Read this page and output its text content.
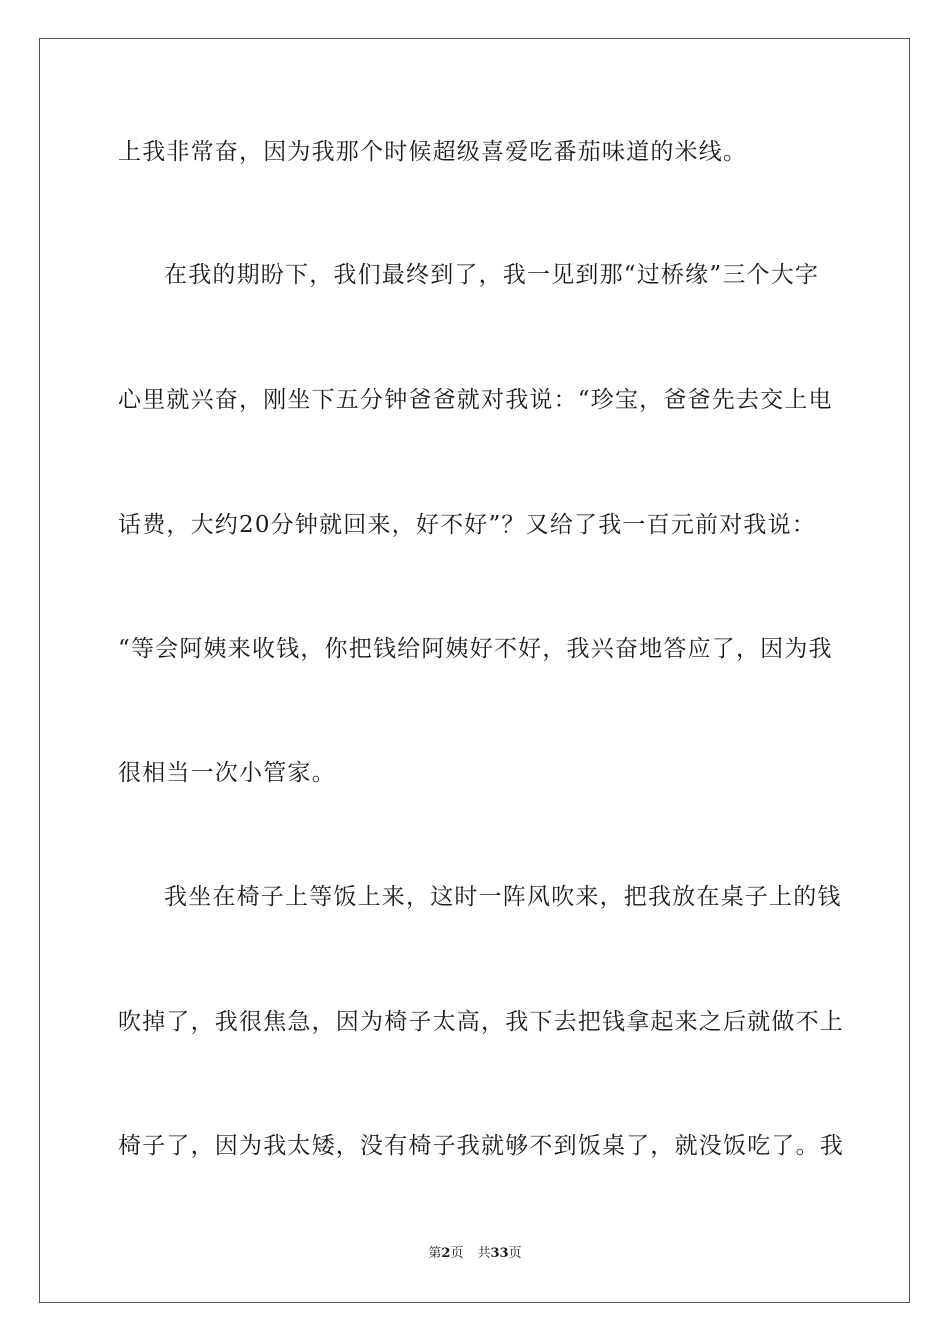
上我非常奋，因为我那个时候超级喜爱吃番茄味道的米线。
在我的期盼下，我们最终到了，我一见到那“过桥缘”三个大字
心里就兴奋，刚坐下五分钟爸爸就对我说：“珍宝，爸爸先去交上电
话费，大约20分钟就回来，好不好”？又给了我一百元前对我说：
“等会阿姨来收钱，你把钱给阿姨好不好，我兴奋地答应了，因为我
很相当一次小管家。
我坐在椅子上等饭上来，这时一阵风吹来，把我放在桌子上的钱
吹掉了，我很焦急，因为椅子太高，我下去把钱拿起来之后就做不上
椅子了，因为我太矮，没有椅子我就够不到饭桌了，就没饭吃了。我
第2页 共33页
